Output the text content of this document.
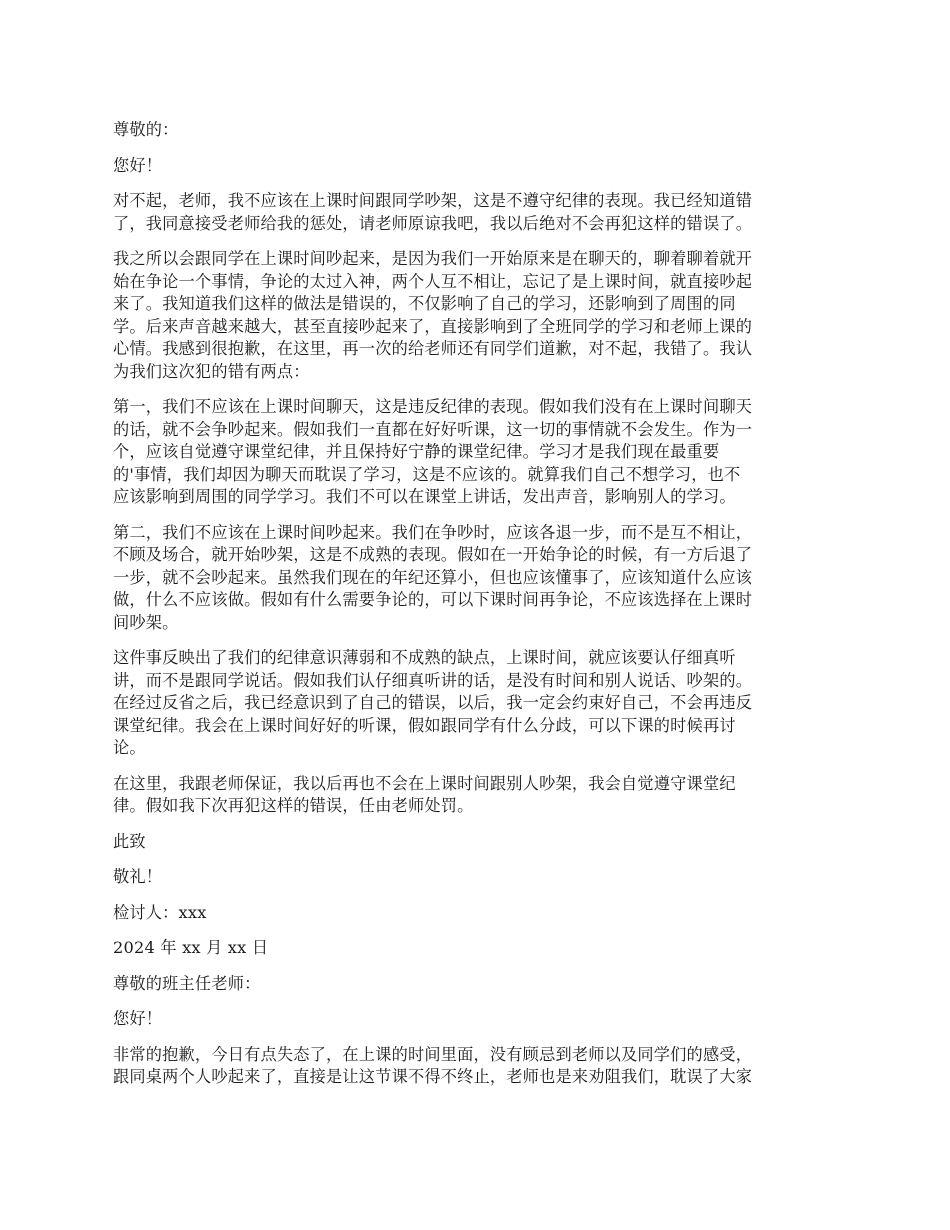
尊敬的：

您好！

对不起，老师，我不应该在上课时间跟同学吵架，这是不遵守纪律的表现。我已经知道错
了，我同意接受老师给我的惩处，请老师原谅我吧，我以后绝对不会再犯这样的错误了。

我之所以会跟同学在上课时间吵起来，是因为我们一开始原来是在聊天的，聊着聊着就开
始在争论一个事情，争论的太过入神，两个人互不相让，忘记了是上课时间，就直接吵起
来了。我知道我们这样的做法是错误的，不仅影响了自己的学习，还影响到了周围的同
学。后来声音越来越大，甚至直接吵起来了，直接影响到了全班同学的学习和老师上课的
心情。我感到很抱歉，在这里，再一次的给老师还有同学们道歉，对不起，我错了。我认
为我们这次犯的错有两点：

第一，我们不应该在上课时间聊天，这是违反纪律的表现。假如我们没有在上课时间聊天
的话，就不会争吵起来。假如我们一直都在好好听课，这一切的事情就不会发生。作为一
个，应该自觉遵守课堂纪律，并且保持好宁静的课堂纪律。学习才是我们现在最重要
的'事情，我们却因为聊天而耽误了学习，这是不应该的。就算我们自己不想学习，也不
应该影响到周围的同学学习。我们不可以在课堂上讲话，发出声音，影响别人的学习。

第二，我们不应该在上课时间吵起来。我们在争吵时，应该各退一步，而不是互不相让，
不顾及场合，就开始吵架，这是不成熟的表现。假如在一开始争论的时候，有一方后退了
一步，就不会吵起来。虽然我们现在的年纪还算小，但也应该懂事了，应该知道什么应该
做，什么不应该做。假如有什么需要争论的，可以下课时间再争论，不应该选择在上课时
间吵架。

这件事反映出了我们的纪律意识薄弱和不成熟的缺点，上课时间，就应该要认仔细真听
讲，而不是跟同学说话。假如我们认仔细真听讲的话，是没有时间和别人说话、吵架的。
在经过反省之后，我已经意识到了自己的错误，以后，我一定会约束好自己，不会再违反
课堂纪律。我会在上课时间好好的听课，假如跟同学有什么分歧，可以下课的时候再讨
论。

在这里，我跟老师保证，我以后再也不会在上课时间跟别人吵架，我会自觉遵守课堂纪
律。假如我下次再犯这样的错误，任由老师处罚。

此致

敬礼！

检讨人：xxx

2024 年 xx 月 xx 日

尊敬的班主任老师：

您好！

非常的抱歉，今日有点失态了，在上课的时间里面，没有顾忌到老师以及同学们的感受，
跟同桌两个人吵起来了，直接是让这节课不得不终止，老师也是来劝阻我们，耽误了大家
